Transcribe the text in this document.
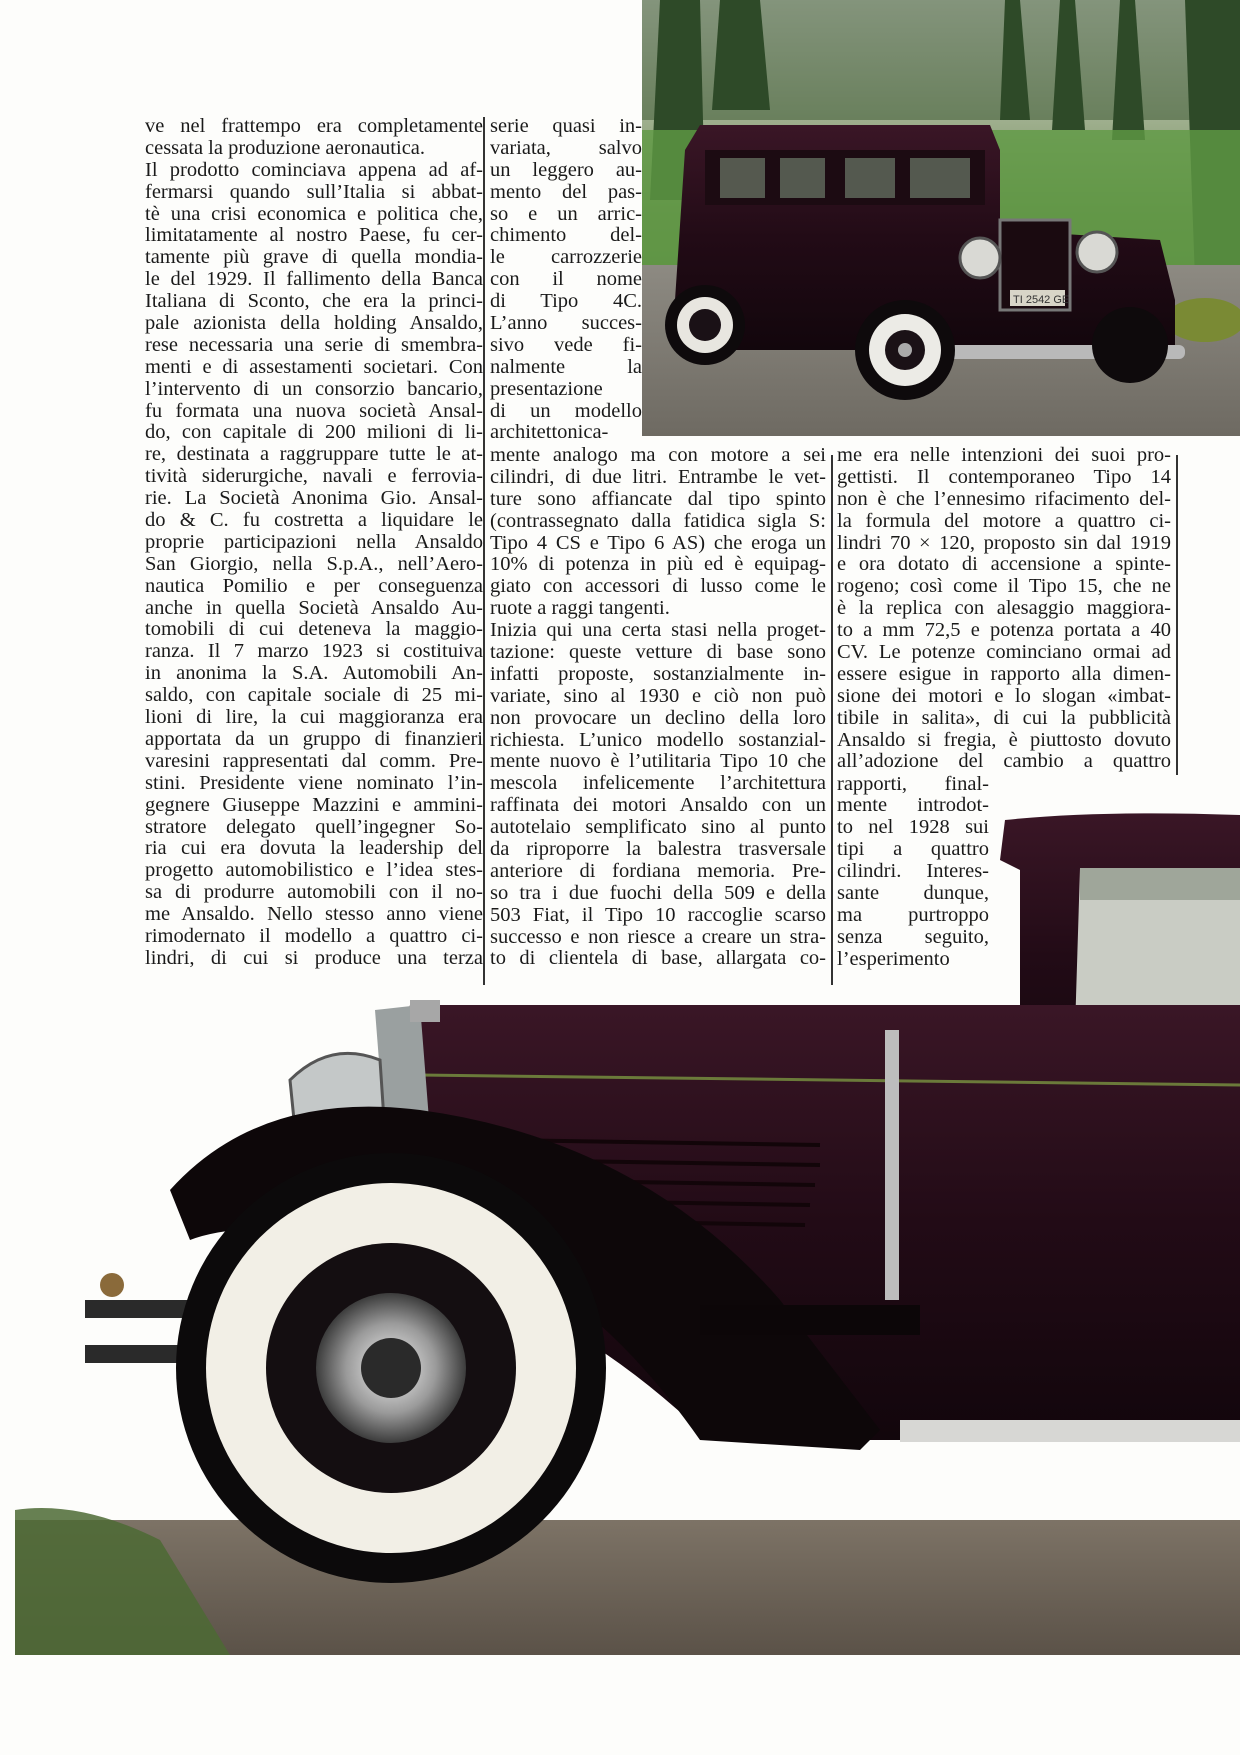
TI 2542 GE
ve nel frattempo era completamente
cessata la produzione aeronautica.
Il prodotto cominciava appena ad af-
fermarsi quando sull’Italia si abbat-
tè una crisi economica e politica che,
limitatamente al nostro Paese, fu cer-
tamente più grave di quella mondia-
le del 1929. Il fallimento della Banca
Italiana di Sconto, che era la princi-
pale azionista della holding Ansaldo,
rese necessaria una serie di smembra-
menti e di assestamenti societari. Con
l’intervento di un consorzio bancario,
fu formata una nuova società Ansal-
do, con capitale di 200 milioni di li-
re, destinata a raggruppare tutte le at-
tività siderurgiche, navali e ferrovia-
rie. La Società Anonima Gio. Ansal-
do & C. fu costretta a liquidare le
proprie participazioni nella Ansaldo
San Giorgio, nella S.p.A., nell’Aero-
nautica Pomilio e per conseguenza
anche in quella Società Ansaldo Au-
tomobili di cui deteneva la maggio-
ranza. Il 7 marzo 1923 si costituiva
in anonima la S.A. Automobili An-
saldo, con capitale sociale di 25 mi-
lioni di lire, la cui maggioranza era
apportata da un gruppo di finanzieri
varesini rappresentati dal comm. Pre-
stini. Presidente viene nominato l’in-
gegnere Giuseppe Mazzini e ammini-
stratore delegato quell’ingegner So-
ria cui era dovuta la leadership del
progetto automobilistico e l’idea stes-
sa di produrre automobili con il no-
me Ansaldo. Nello stesso anno viene
rimodernato il modello a quattro ci-
lindri, di cui si produce una terza
serie quasi in-
variata, salvo
un leggero au-
mento del pas-
so e un arric-
chimento del-
le carrozzerie
con il nome
di Tipo 4C.
L’anno succes-
sivo vede fi-
nalmente la
presentazione
di un modello
architettonica-
mente analogo ma con motore a sei
cilindri, di due litri. Entrambe le vet-
ture sono affiancate dal tipo spinto
(contrassegnato dalla fatidica sigla S:
Tipo 4 CS e Tipo 6 AS) che eroga un
10% di potenza in più ed è equipag-
giato con accessori di lusso come le
ruote a raggi tangenti.
Inizia qui una certa stasi nella proget-
tazione: queste vetture di base sono
infatti proposte, sostanzialmente in-
variate, sino al 1930 e ciò non può
non provocare un declino della loro
richiesta. L’unico modello sostanzial-
mente nuovo è l’utilitaria Tipo 10 che
mescola infelicemente l’architettura
raffinata dei motori Ansaldo con un
autotelaio semplificato sino al punto
da riproporre la balestra trasversale
anteriore di fordiana memoria. Pre-
so tra i due fuochi della 509 e della
503 Fiat, il Tipo 10 raccoglie scarso
successo e non riesce a creare un stra-
to di clientela di base, allargata co-
me era nelle intenzioni dei suoi pro-
gettisti. Il contemporaneo Tipo 14
non è che l’ennesimo rifacimento del-
la formula del motore a quattro ci-
lindri 70 × 120, proposto sin dal 1919
e ora dotato di accensione a spinte-
rogeno; così come il Tipo 15, che ne
è la replica con alesaggio maggiora-
to a mm 72,5 e potenza portata a 40
CV. Le potenze cominciano ormai ad
essere esigue in rapporto alla dimen-
sione dei motori e lo slogan «imbat-
tibile in salita», di cui la pubblicità
Ansaldo si fregia, è piuttosto dovuto
all’adozione del cambio a quattro
rapporti, final-
mente introdot-
to nel 1928 sui
tipi a quattro
cilindri. Interes-
sante dunque,
ma purtroppo
senza seguito,
l’esperimento
